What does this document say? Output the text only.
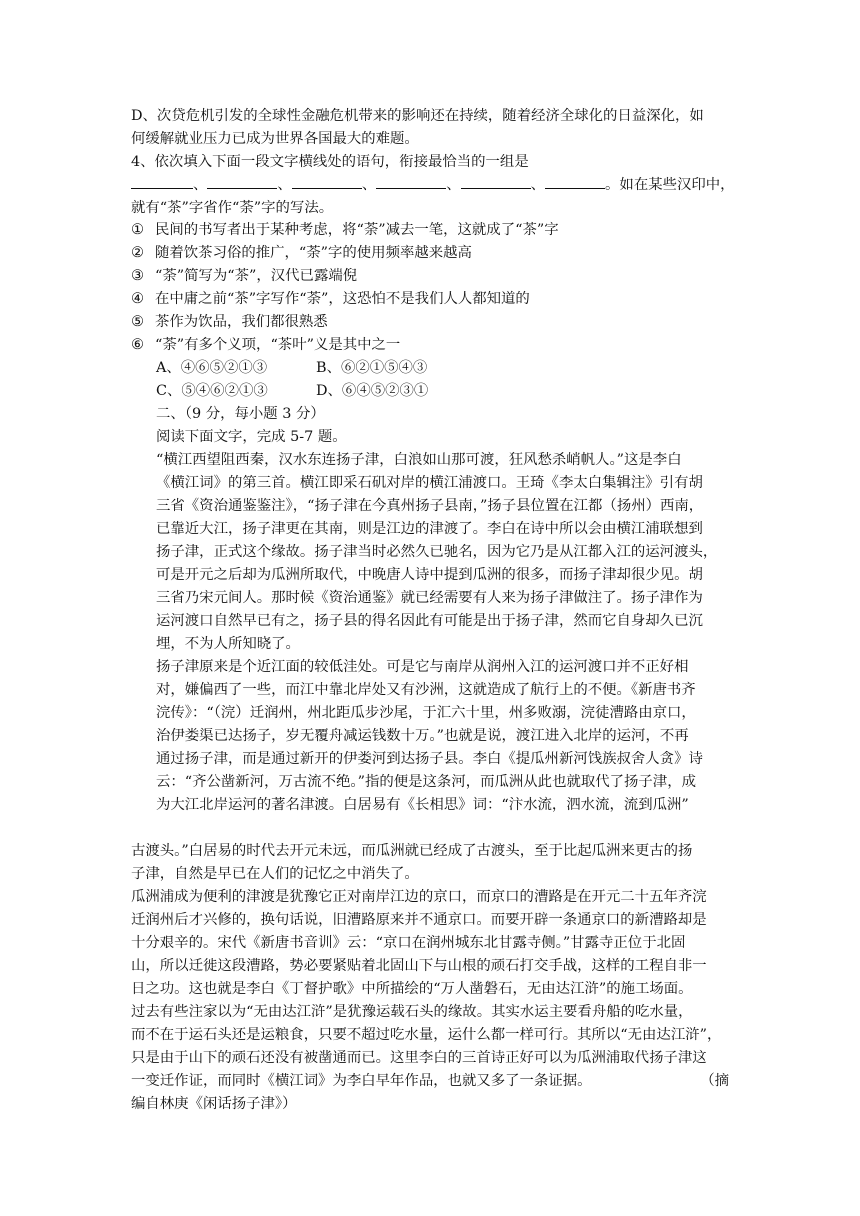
D、次贷危机引发的全球性金融危机带来的影响还在持续，随着经济全球化的日益深化，如
何缓解就业压力已成为世界各国最大的难题。
4、依次填入下面一段文字横线处的语句，衔接最恰当的一组是
、	、	、	、	、	。如在某些汉印中，
就有“茶”字省作“荼”字的写法。
① 民间的书写者出于某种考虑，将“荼”减去一笔，这就成了“茶”字
② 随着饮茶习俗的推广，“荼”字的使用频率越来越高
③ “荼”简写为“茶”，汉代已露端倪
④ 在中庸之前“茶”字写作“荼”，这恐怕不是我们人人都知道的
⑤ 茶作为饮品，我们都很熟悉
⑥ “荼”有多个义项，“茶叶”义是其中之一
A、④⑥⑤②①③	B、⑥②①⑤④③
C、⑤④⑥②①③	D、⑥④⑤②③①
二、（9 分，每小题 3 分）
阅读下面文字，完成 5-7 题。
“横江西望阻西秦，汉水东连扬子津，白浪如山那可渡，狂风愁杀峭帆人。”这是李白
《横江词》的第三首。横江即采石矶对岸的横江浦渡口。王琦《李太白集辑注》引有胡
三省《资治通鉴鉴注》，“扬子津在今真州扬子县南，”扬子县位置在江都（扬州）西南，
已靠近大江，扬子津更在其南，则是江边的津渡了。李白在诗中所以会由横江浦联想到
扬子津，正式这个缘故。扬子津当时必然久已驰名，因为它乃是从江都入江的运河渡头，
可是开元之后却为瓜洲所取代，中晚唐人诗中提到瓜洲的很多，而扬子津却很少见。胡
三省乃宋元间人。那时候《资治通鉴》就已经需要有人来为扬子津做注了。扬子津作为
运河渡口自然早已有之，扬子县的得名因此有可能是出于扬子津，然而它自身却久已沉
埋，不为人所知晓了。
扬子津原来是个近江面的较低洼处。可是它与南岸从润州入江的运河渡口并不正好相
对，嫌偏西了一些，而江中靠北岸处又有沙洲，这就造成了航行上的不便。《新唐书齐
浣传》：“（浣）迁润州，州北距瓜步沙尾，于汇六十里，州多败溺，浣徒漕路由京口，
治伊娄渠已达扬子，岁无覆舟减运钱数十万。”也就是说，渡江进入北岸的运河，不再
通过扬子津，而是通过新开的伊娄河到达扬子县。李白《提瓜州新河饯族叔舍人贪》诗
云：“齐公凿新河，万古流不绝。”指的便是这条河，而瓜洲从此也就取代了扬子津，成
为大江北岸运河的著名津渡。白居易有《长相思》词：“汴水流，泗水流，流到瓜洲”
古渡头。”白居易的时代去开元未远，而瓜洲就已经成了古渡头，至于比起瓜洲来更古的扬
子津，自然是早已在人们的记忆之中消失了。
瓜洲浦成为便利的津渡是犹豫它正对南岸江边的京口，而京口的漕路是在开元二十五年齐浣
迁润州后才兴修的，换句话说，旧漕路原来并不通京口。而要开辟一条通京口的新漕路却是
十分艰辛的。宋代《新唐书音训》云：“京口在润州城东北甘露寺侧。”甘露寺正位于北固
山，所以迁徙这段漕路，势必要紧贴着北固山下与山根的顽石打交手战，这样的工程自非一
日之功。这也就是李白《丁督护歌》中所描绘的“万人凿磐石，无由达江浒”的施工场面。
过去有些注家以为“无由达江浒”是犹豫运载石头的缘故。其实水运主要看舟船的吃水量，
而不在于运石头还是运粮食，只要不超过吃水量，运什么都一样可行。其所以“无由达江浒”，
只是由于山下的顽石还没有被凿通而已。这里李白的三首诗正好可以为瓜洲浦取代扬子津这
一变迁作证，而同时《横江词》为李白早年作品，也就又多了一条证据。	（摘
编自林庚《闲话扬子津》）
